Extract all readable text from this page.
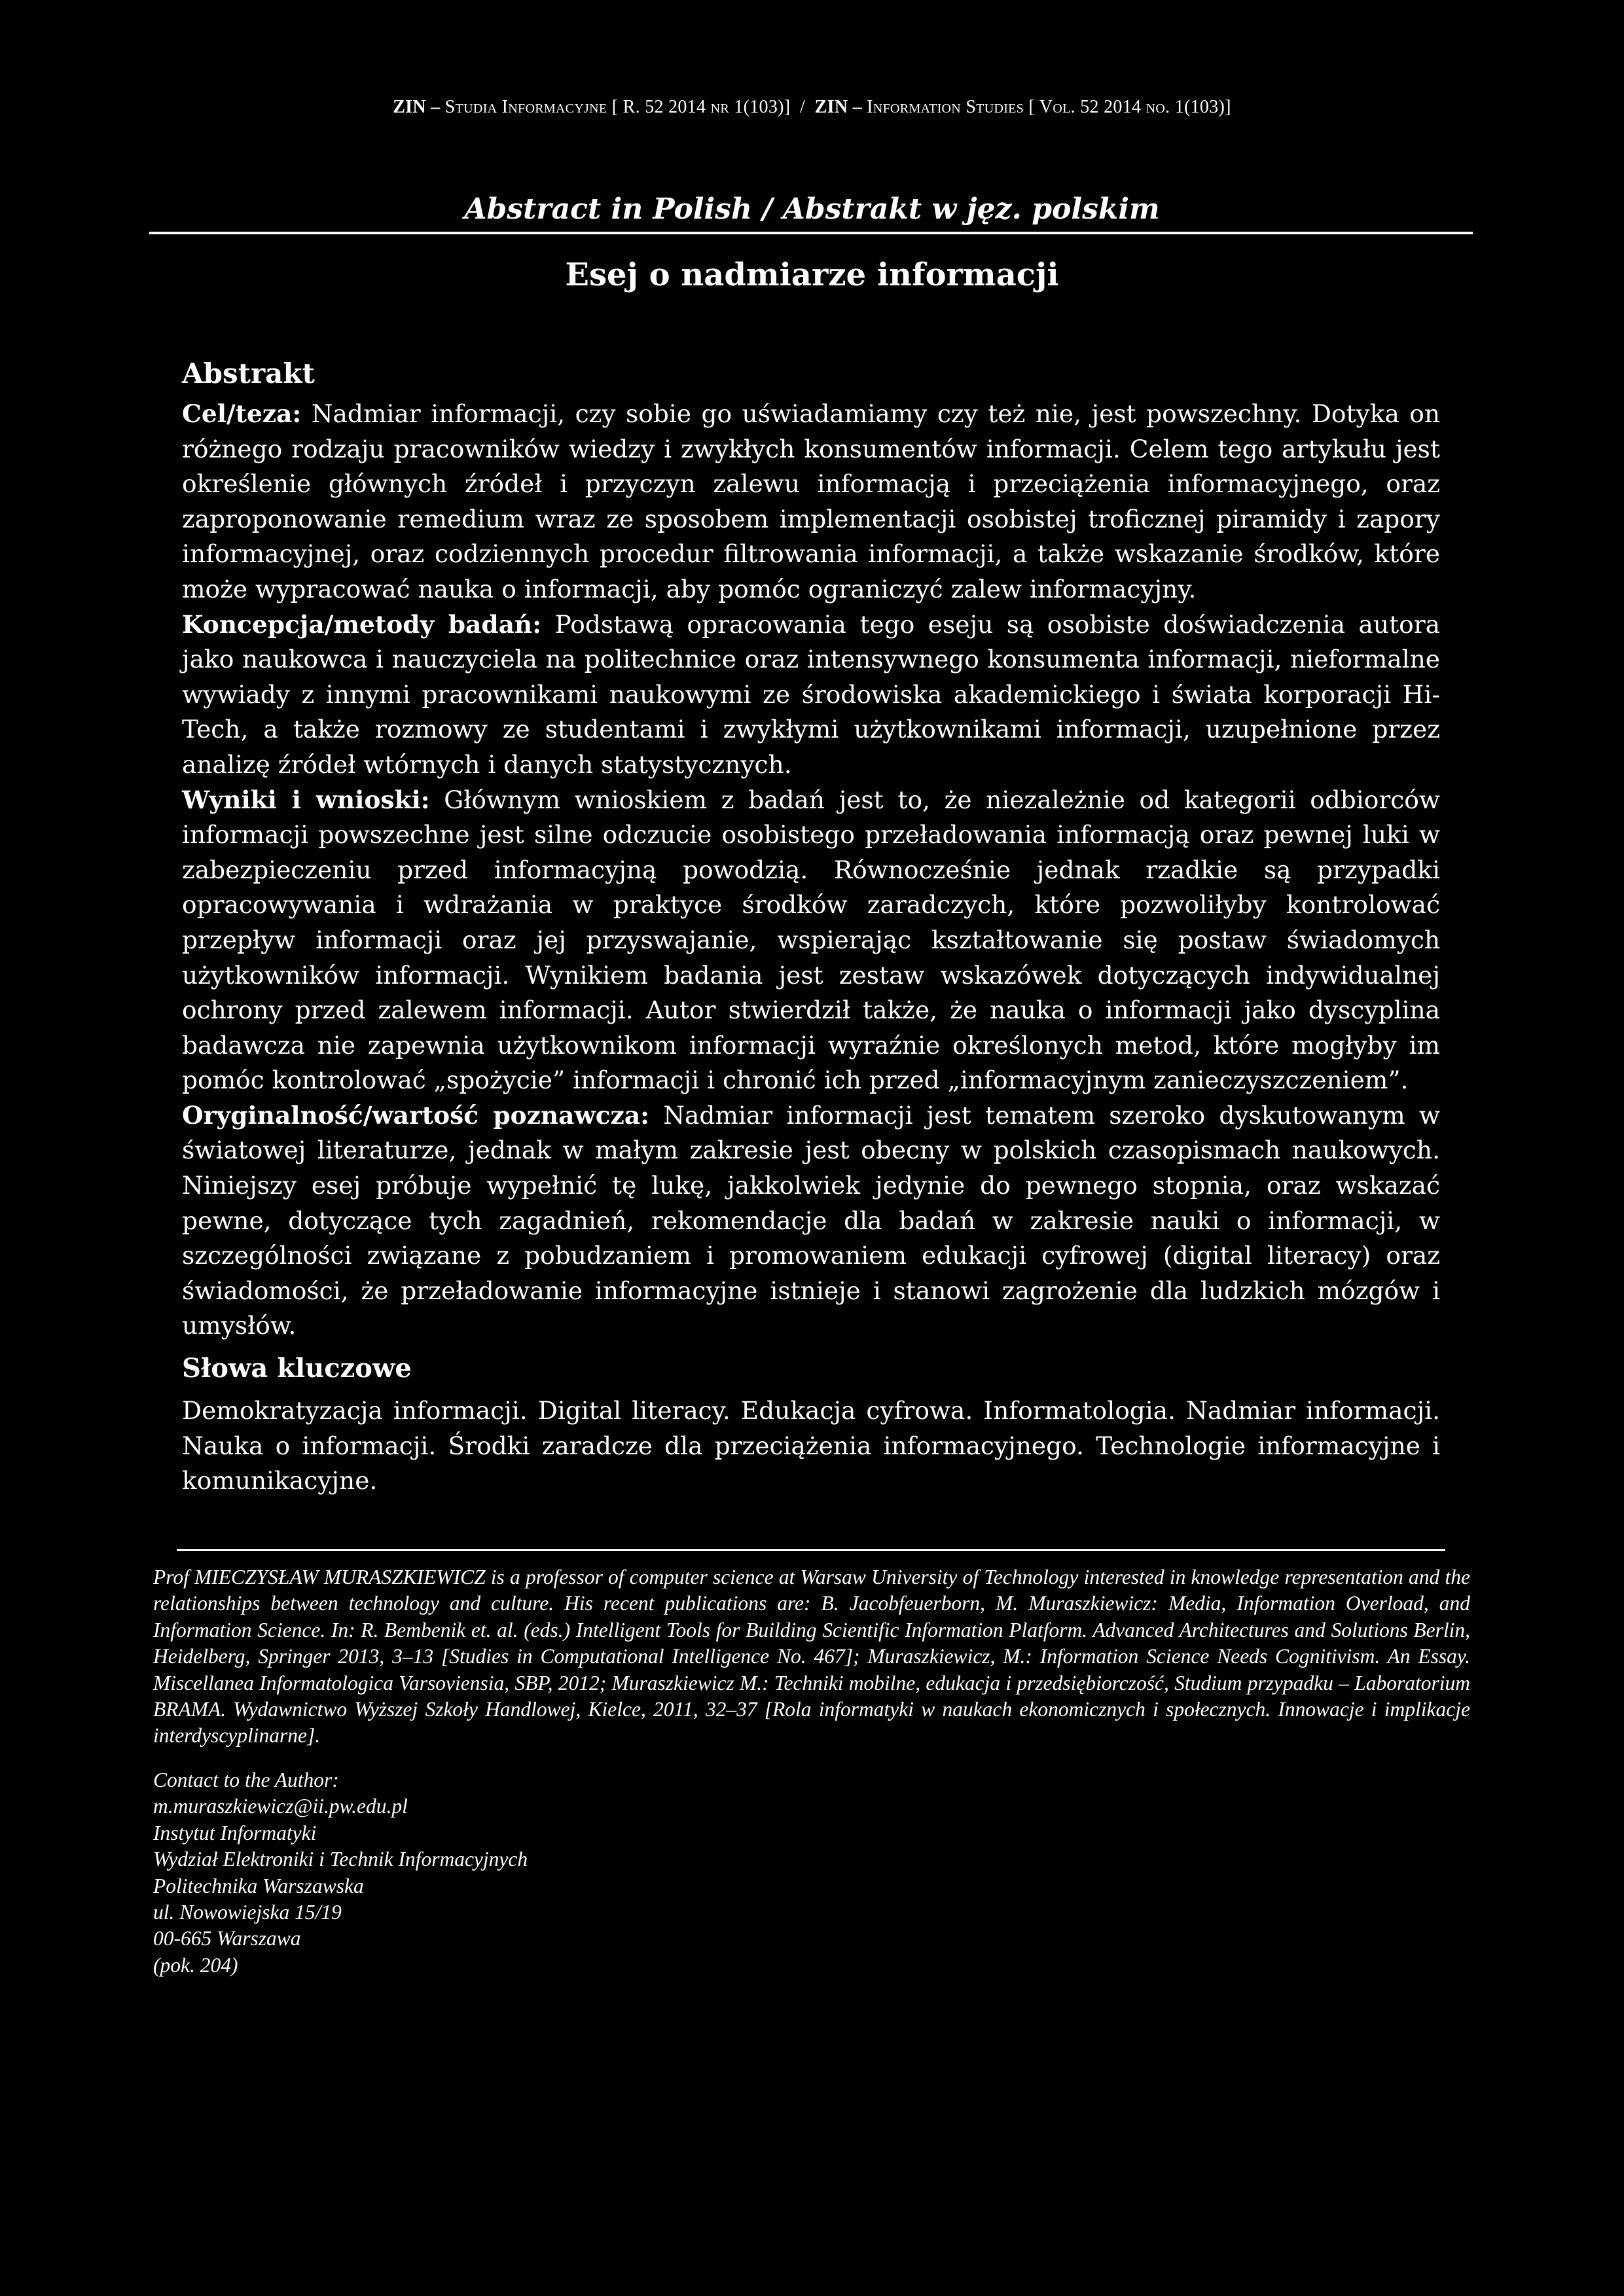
ZIN – Studia Informacyjne [ R. 52 2014 nr 1(103)]  /  ZIN – Information Studies [ Vol. 52 2014 no. 1(103)]
Abstract in Polish / Abstrakt w jęz. polskim
Esej o nadmiarze informacji
Abstrakt

Cel/teza: Nadmiar informacji, czy sobie go uświadamiamy czy też nie, jest powszechny. Dotyka on różnego rodzaju pracowników wiedzy i zwykłych konsumentów informacji. Celem tego artykułu jest określenie głównych źródeł i przyczyn zalewu informacją i przeciążenia informacyjnego, oraz zaproponowanie remedium wraz ze sposobem implementacji osobistej troficznej piramidy i zapory informacyjnej, oraz codziennych procedur filtrowania informacji, a także wskazanie środków, które może wypracować nauka o informacji, aby pomóc ograniczyć zalew informacyjny.

Koncepcja/metody badań: Podstawą opracowania tego eseju są osobiste doświadczenia autora jako naukowca i nauczyciela na politechnice oraz intensywnego konsumenta informacji, nieformalne wywiady z innymi pracownikami naukowymi ze środowiska akademickiego i świata korporacji Hi-Tech, a także rozmowy ze studentami i zwykłymi użytkownikami informacji, uzupełnione przez analizę źródeł wtórnych i danych statystycznych.

Wyniki i wnioski: Głównym wnioskiem z badań jest to, że niezależnie od kategorii odbiorców informacji powszechne jest silne odczucie osobistego przeładowania informacją oraz pewnej luki w zabezpieczeniu przed informacyjną powodzią. Równocześnie jednak rzadkie są przypadki opracowywania i wdrażania w praktyce środków zaradczych, które pozwoliłyby kontrolować przepływ informacji oraz jej przyswajanie, wspierając kształtowanie się postaw świadomych użytkowników informacji. Wynikiem badania jest zestaw wskazówek dotyczących indywidualnej ochrony przed zalewem informacji. Autor stwierdził także, że nauka o informacji jako dyscyplina badawcza nie zapewnia użytkownikom informacji wyraźnie określonych metod, które mogłyby im pomóc kontrolować „spożycie” informacji i chronić ich przed „informacyjnym zanieczyszczeniem”.

Oryginalność/wartość poznawcza: Nadmiar informacji jest tematem szeroko dyskutowanym w światowej literaturze, jednak w małym zakresie jest obecny w polskich czasopismach naukowych. Niniejszy esej próbuje wypełnić tę lukę, jakkolwiek jedynie do pewnego stopnia, oraz wskazać pewne, dotyczące tych zagadnień, rekomendacje dla badań w zakresie nauki o informacji, w szczególności związane z pobudzaniem i promowaniem edukacji cyfrowej (digital literacy) oraz świadomości, że przeładowanie informacyjne istnieje i stanowi zagrożenie dla ludzkich mózgów i umysłów.

Słowa kluczowe

Demokratyzacja informacji. Digital literacy. Edukacja cyfrowa. Informatologia. Nadmiar informacji. Nauka o informacji. Środki zaradcze dla przeciążenia informacyjnego. Technologie informacyjne i komunikacyjne.

Prof MIECZYSŁAW MURASZKIEWICZ is a professor of computer science at Warsaw University of Technology interested in knowledge representation and the relationships between technology and culture. His recent publications are: B. Jacobfeuerborn, M. Muraszkiewicz: Media, Information Overload, and Information Science. In: R. Bembenik et. al. (eds.) Intelligent Tools for Building Scientific Information Platform. Advanced Architectures and Solutions Berlin, Heidelberg, Springer 2013, 3–13 [Studies in Computational Intelligence No. 467]; Muraszkiewicz, M.: Information Science Needs Cognitivism. An Essay. Miscellanea Informatologica Varsoviensia, SBP, 2012; Muraszkiewicz M.: Techniki mobilne, edukacja i przedsiębiorczość, Studium przypadku – Laboratorium BRAMA. Wydawnictwo Wyższej Szkoły Handlowej, Kielce, 2011, 32–37 [Rola informatyki w naukach ekonomicznych i społecznych. Innowacje i implikacje interdyscyplinarne].
Contact to the Author:
m.muraszkiewicz@ii.pw.edu.pl
Instytut Informatyki
Wydział Elektroniki i Technik Informacyjnych
Politechnika Warszawska
ul. Nowowiejska 15/19
00-665 Warszawa
(pok. 204)
